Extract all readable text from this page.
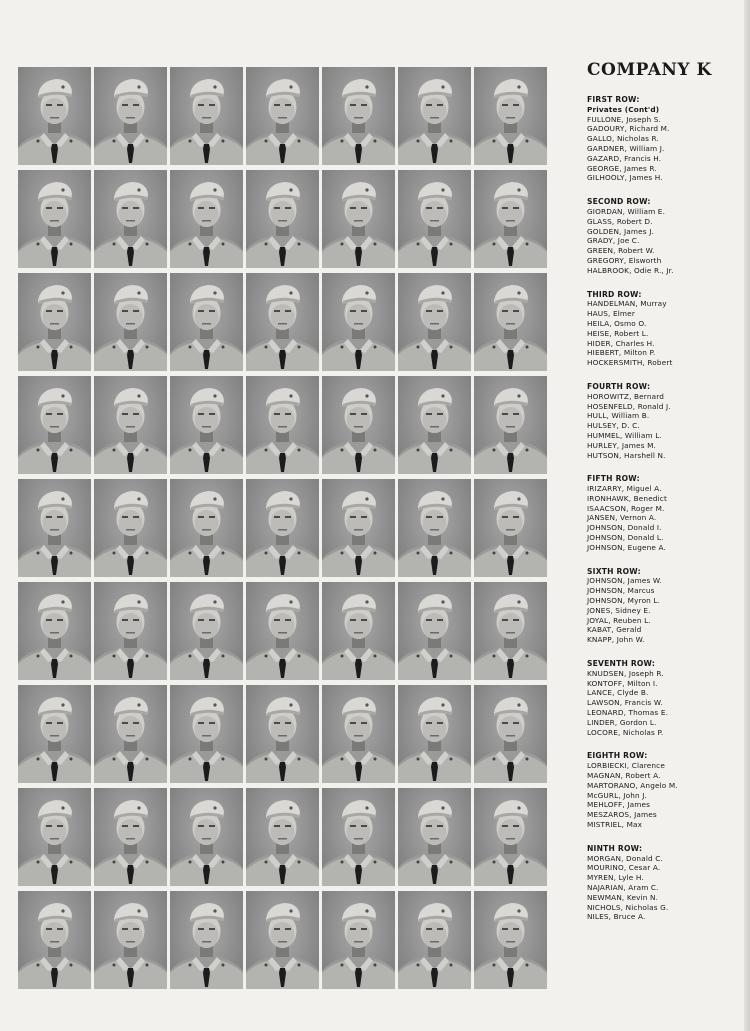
COMPANY K
FIRST ROW:
Privates (Cont'd)
FULLONE, Joseph S.
GADOURY, Richard M.
GALLO, Nicholas R.
GARDNER, William J.
GAZARD, Francis H.
GEORGE, James R.
GILHOOLY, James H.
SECOND ROW:
GIORDAN, William E.
GLASS, Robert D.
GOLDEN, James J.
GRADY, Joe C.
GREEN, Robert W.
GREGORY, Elsworth
HALBROOK, Odie R., Jr.
THIRD ROW:
HANDELMAN, Murray
HAUS, Elmer
HEILA, Osmo O.
HEISE, Robert L.
HIDER, Charles H.
HIEBERT, Milton P.
HOCKERSMITH, Robert
FOURTH ROW:
HOROWITZ, Bernard
HOSENFELD, Ronald J.
HULL, William B.
HULSEY, D. C.
HUMMEL, William L.
HURLEY, James M.
HUTSON, Harshell N.
FIFTH ROW:
IRIZARRY, Miguel A.
IRONHAWK, Benedict
ISAACSON, Roger M.
JANSEN, Vernon A.
JOHNSON, Donald I.
JOHNSON, Donald L.
JOHNSON, Eugene A.
SIXTH ROW:
JOHNSON, James W.
JOHNSON, Marcus
JOHNSON, Myron L.
JONES, Sidney E.
JOYAL, Reuben L.
KABAT, Gerald
KNAPP, John W.
SEVENTH ROW:
KNUDSEN, Joseph R.
KONTOFF, Milton I.
LANCE, Clyde B.
LAWSON, Francis W.
LEONARD, Thomas E.
LINDER, Gordon L.
LOCORE, Nicholas P.
EIGHTH ROW:
LORBIECKI, Clarence
MAGNAN, Robert A.
MARTORANO, Angelo M.
McGURL, John J.
MEHLOFF, James
MESZAROS, James
MISTRIEL, Max
NINTH ROW:
MORGAN, Donald C.
MOURINO, Cesar A.
MYREN, Lyle H.
NAJARIAN, Aram C.
NEWMAN, Kevin N.
NICHOLS, Nicholas G.
NILES, Bruce A.
